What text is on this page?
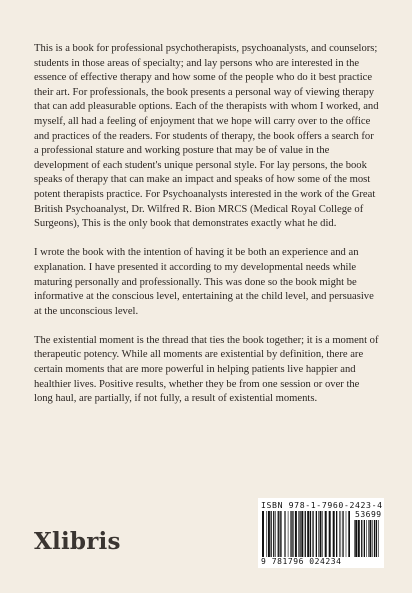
This is a book for professional psychotherapists, psychoanalysts, and counselors; students in those areas of specialty; and lay persons who are interested in the essence of effective therapy and how some of the people who do it best practice their art. For professionals, the book presents a personal way of viewing therapy that can add pleasurable options. Each of the therapists with whom I worked, and myself, all had a feeling of enjoyment that we hope will carry over to the office and practices of the readers. For students of therapy, the book offers a search for a professional stature and working posture that may be of value in the development of each student's unique personal style. For lay persons, the book speaks of therapy that can make an impact and speaks of how some of the most potent therapists practice. For Psychoanalysts interested in the work of the Great British Psychoanalyst, Dr. Wilfred R. Bion MRCS (Medical Royal College of Surgeons), This is the only book that demonstrates exactly what he did.

I wrote the book with the intention of having it be both an experience and an explanation. I have presented it according to my developmental needs while maturing personally and professionally. This was done so the book might be informative at the conscious level, entertaining at the child level, and persuasive at the unconscious level.

The existential moment is the thread that ties the book together; it is a moment of therapeutic potency. While all moments are existential by definition, there are certain moments that are more powerful in helping patients live happier and healthier lives. Positive results, whether they be from one session or over the long haul, are partially, if not fully, a result of existential moments.

Xlibris
ISBN 978-1-7960-2423-4
53699
9 781796 024234
